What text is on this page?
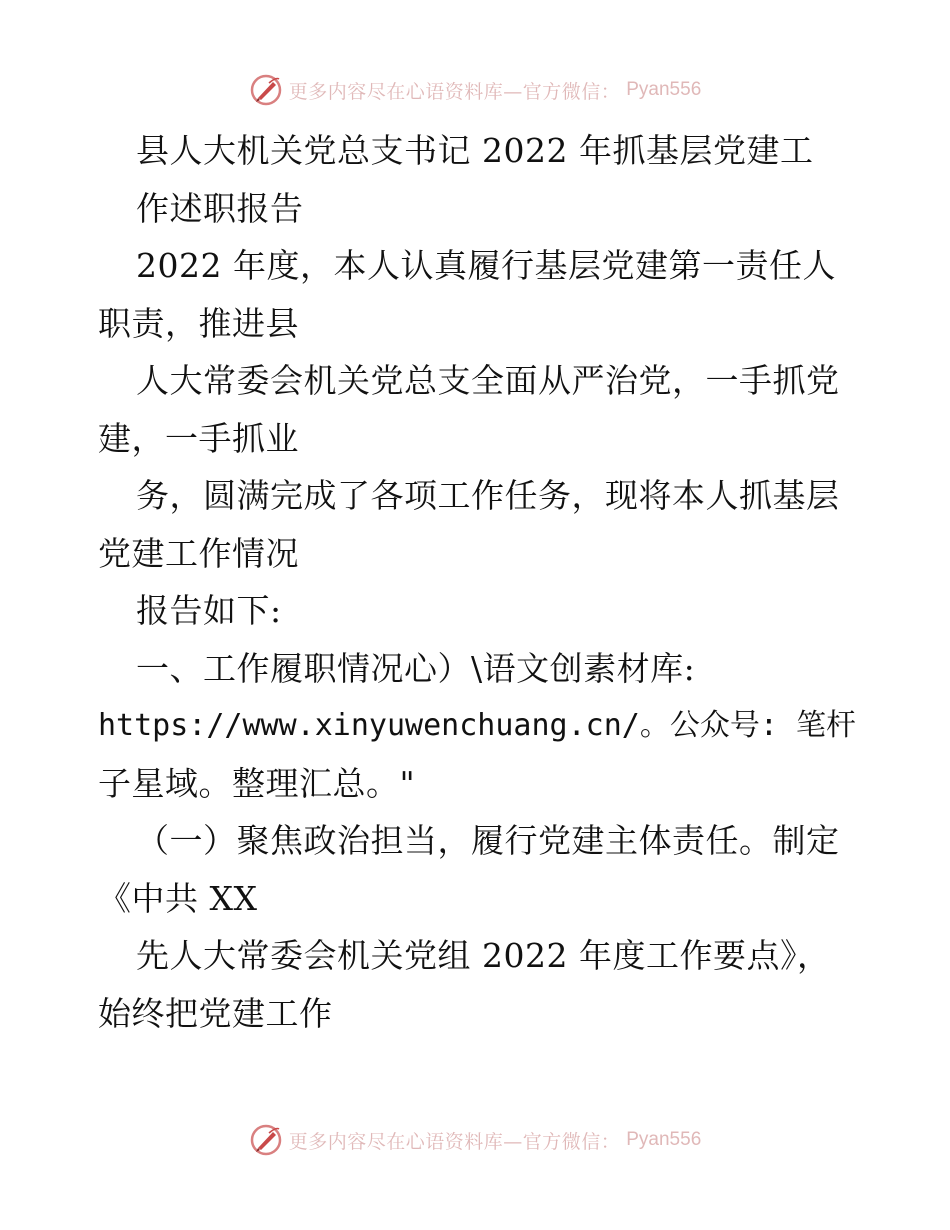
更多内容尽在心语资料库—官方微信： Pyan556
县人大机关党总支书记 2022 年抓基层党建工
作述职报告
2022 年度，本人认真履行基层党建第一责任人
职责，推进县
人大常委会机关党总支全面从严治党，一手抓党
建，一手抓业
务，圆满完成了各项工作任务，现将本人抓基层
党建工作情况
报告如下:
一、工作履职情况心）\语文创素材库:
https://www.xinyuwenchuang.cn/。公众号: 笔杆
子星域。整理汇总。"
（一）聚焦政治担当，履行党建主体责任。制定
《中共 XX
先人大常委会机关党组 2022 年度工作要点》，
始终把党建工作
更多内容尽在心语资料库—官方微信： Pyan556
